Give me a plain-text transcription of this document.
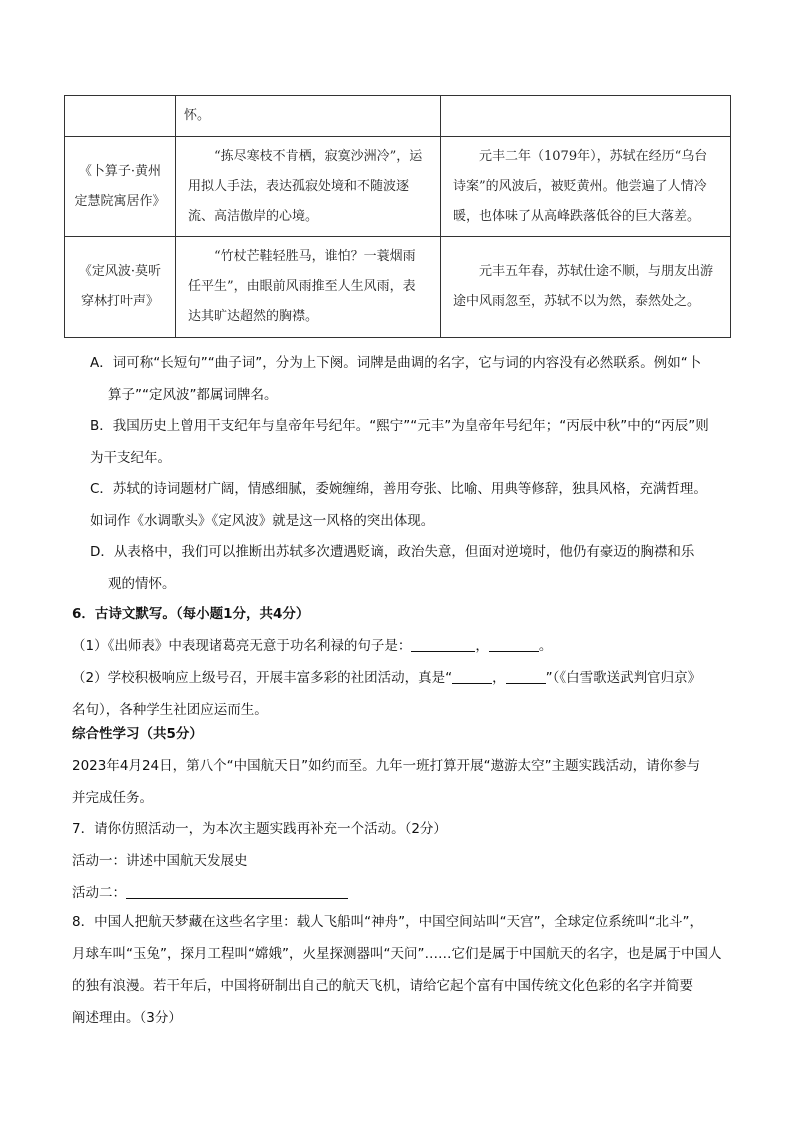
	怀。	

《卜算子·黄州定慧院寓居作》	“拣尽寒枝不肯栖，寂寞沙洲冷”，运用拟人手法，表达孤寂处境和不随波逐流、高洁傲岸的心境。	元丰二年（1079年），苏轼在经历“乌台诗案”的风波后，被贬黄州。他尝遍了人情冷暖，也体味了从高峰跌落低谷的巨大落差。

《定风波·莫听穿林打叶声》	“竹杖芒鞋轻胜马，谁怕？一蓑烟雨任平生”，由眼前风雨推至人生风雨，表达其旷达超然的胸襟。	元丰五年春，苏轼仕途不顺，与朋友出游途中风雨忽至，苏轼不以为然，泰然处之。

A．词可称“长短句”“曲子词”，分为上下阕。词牌是曲调的名字，它与词的内容没有必然联系。例如“卜
算子”“定风波”都属词牌名。

B．我国历史上曾用干支纪年与皇帝年号纪年。“熙宁”“元丰”为皇帝年号纪年；“丙辰中秋”中的“丙辰”则
为干支纪年。

C．苏轼的诗词题材广阔，情感细腻，委婉缠绵，善用夸张、比喻、用典等修辞，独具风格，充满哲理。
如词作《水调歌头》《定风波》就是这一风格的突出体现。

D．从表格中，我们可以推断出苏轼多次遭遇贬谪，政治失意，但面对逆境时，他仍有豪迈的胸襟和乐
观的情怀。

6．古诗文默写。（每小题1分，共4分）

（1）《出师表》中表现诸葛亮无意于功名利禄的句子是：	，	。

（2）学校积极响应上级号召，开展丰富多彩的社团活动，真是“	，	”（《白雪歌送武判官归京》
名句），各种学生社团应运而生。

综合性学习（共5分）

2023年4月24日，第八个“中国航天日”如约而至。九年一班打算开展“遨游太空”主题实践活动，请你参与
并完成任务。

7．请你仿照活动一，为本次主题实践再补充一个活动。（2分）

活动一：讲述中国航天发展史

活动二：

8．中国人把航天梦藏在这些名字里：载人飞船叫“神舟”，中国空间站叫“天宫”，全球定位系统叫“北斗”，
月球车叫“玉兔”，探月工程叫“嫦娥”，火星探测器叫“天问”……它们是属于中国航天的名字，也是属于中国人
的独有浪漫。若干年后，中国将研制出自己的航天飞机，请给它起个富有中国传统文化色彩的名字并简要
阐述理由。（3分）
